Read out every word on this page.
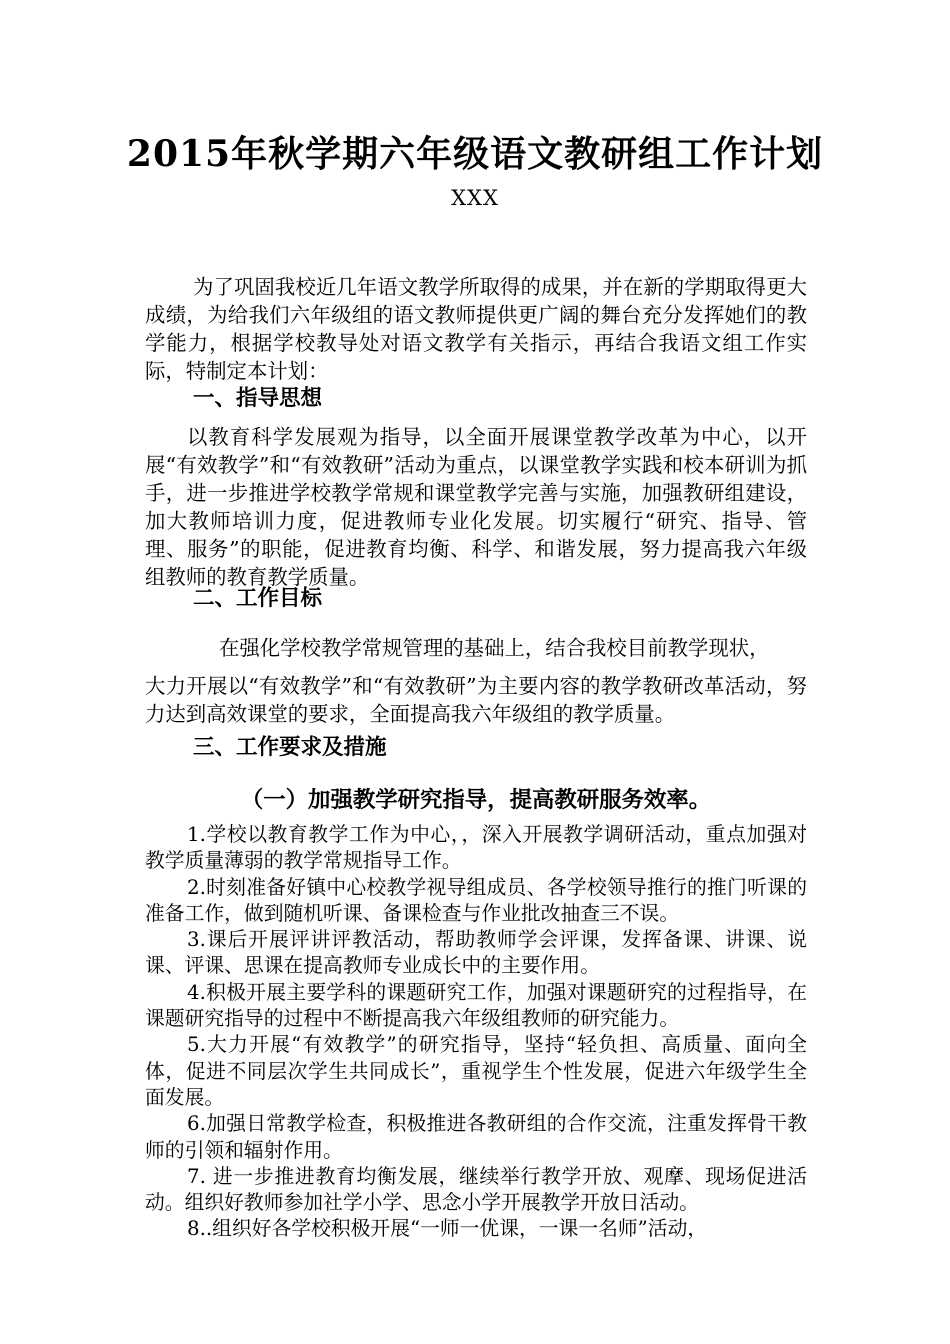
2015年秋学期六年级语文教研组工作计划
XXX
为了巩固我校近几年语文教学所取得的成果，并在新的学期取得更大成绩，为给我们六年级组的语文教师提供更广阔的舞台充分发挥她们的教学能力，根据学校教导处对语文教学有关指示，再结合我语文组工作实际，特制定本计划：
一、指导思想
以教育科学发展观为指导，以全面开展课堂教学改革为中心，以开展“有效教学”和“有效教研”活动为重点，以课堂教学实践和校本研训为抓手，进一步推进学校教学常规和课堂教学完善与实施，加强教研组建设，加大教师培训力度，促进教师专业化发展。切实履行“研究、指导、管理、服务”的职能，促进教育均衡、科学、和谐发展，努力提高我六年级组教师的教育教学质量。
二、工作目标
在强化学校教学常规管理的基础上，结合我校目前教学现状，
大力开展以“有效教学”和“有效教研”为主要内容的教学教研改革活动，努力达到高效课堂的要求，全面提高我六年级组的教学质量。
三、工作要求及措施
（一）加强教学研究指导，提高教研服务效率。
1.学校以教育教学工作为中心，，深入开展教学调研活动，重点加强对教学质量薄弱的教学常规指导工作。
2.时刻准备好镇中心校教学视导组成员、各学校领导推行的推门听课的准备工作，做到随机听课、备课检查与作业批改抽查三不误。
3.课后开展评讲评教活动，帮助教师学会评课，发挥备课、讲课、说课、评课、思课在提高教师专业成长中的主要作用。
4.积极开展主要学科的课题研究工作，加强对课题研究的过程指导，在课题研究指导的过程中不断提高我六年级组教师的研究能力。
5.大力开展“有效教学”的研究指导，坚持“轻负担、高质量、面向全体，促进不同层次学生共同成长”，重视学生个性发展，促进六年级学生全面发展。
6.加强日常教学检查，积极推进各教研组的合作交流，注重发挥骨干教师的引领和辐射作用。
7. 进一步推进教育均衡发展，继续举行教学开放、观摩、现场促进活动。组织好教师参加社学小学、思念小学开展教学开放日活动。
8..组织好各学校积极开展“一师一优课，一课一名师”活动，
